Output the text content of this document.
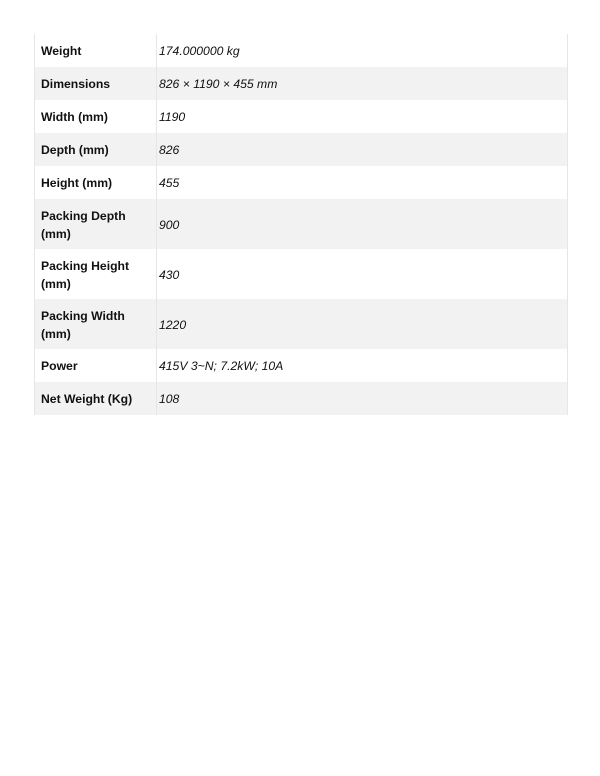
Weight	174.000000 kg
Dimensions	826 × 1190 × 455 mm
Width (mm)	1190
Depth (mm)	826
Height (mm)	455
Packing Depth (mm)	900
Packing Height (mm)	430
Packing Width (mm)	1220
Power	415V 3~N; 7.2kW; 10A
Net Weight (Kg)	108
